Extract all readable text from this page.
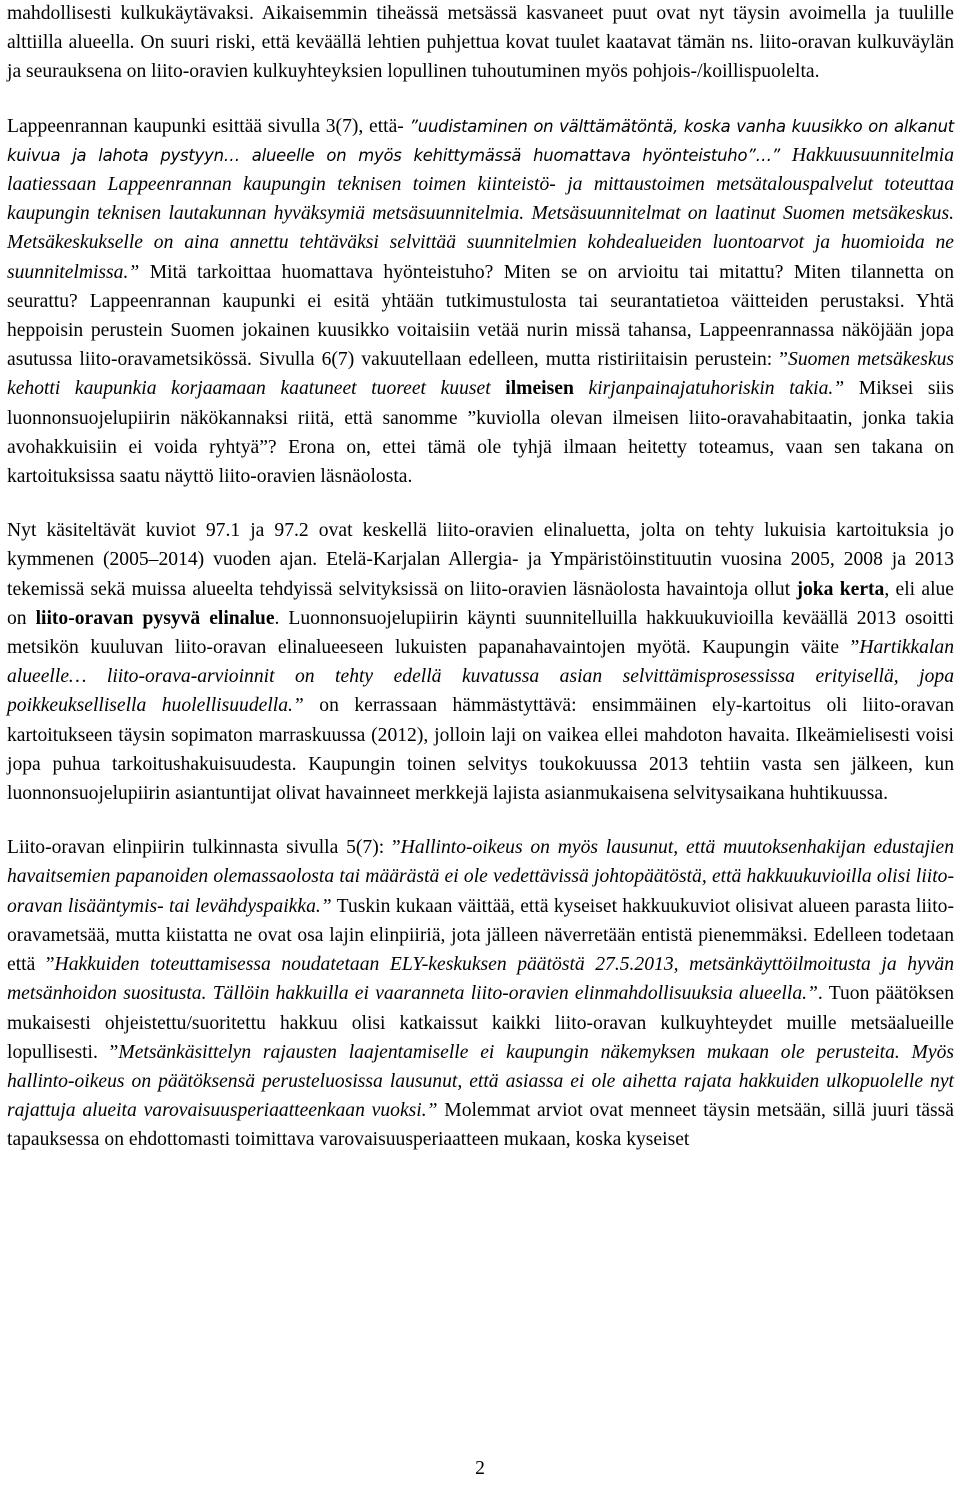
mahdollisesti kulkukäytävaksi. Aikaisemmin tiheässä metsässä kasvaneet puut ovat nyt täysin avoimella ja tuulille alttiilla alueella. On suuri riski, että keväällä lehtien puhjettua kovat tuulet kaatavat tämän ns. liito-oravan kulkuväylän ja seurauksena on liito-oravien kulkuyhteyksien lopullinen tuhoutuminen myös pohjois-/koillispuolelta.

Lappeenrannan kaupunki esittää sivulla 3(7), että- ”uudistaminen on välttämätöntä, koska vanha kuusikko on alkanut kuivua ja lahota pystyyn… alueelle on myös kehittymässä huomattava hyönteistuho”…” Hakkuusuunnitelmia laatiessaan Lappeenrannan kaupungin teknisen toimen kiinteistö- ja mittaustoimen metsätalouspalvelut toteuttaa kaupungin teknisen lautakunnan hyväksymiä metsäsuunnitelmia. Metsäsuunnitelmat on laatinut Suomen metsäkeskus. Metsäkeskukselle on aina annettu tehtäväksi selvittää suunnitelmien kohdealueiden luontoarvot ja huomioida ne suunnitelmissa.” Mitä tarkoittaa huomattava hyönteistuho? Miten se on arvioitu tai mitattu? Miten tilannetta on seurattu? Lappeenrannan kaupunki ei esitä yhtään tutkimustulosta tai seurantatietoa väitteiden perustaksi. Yhtä heppoisin perustein Suomen jokainen kuusikko voitaisiin vetää nurin missä tahansa, Lappeenrannassa näköjään jopa asutussa liito-oravametsikössä. Sivulla 6(7) vakuutellaan edelleen, mutta ristiriitaisin perustein: ”Suomen metsäkeskus kehotti kaupunkia korjaamaan kaatuneet tuoreet kuuset ilmeisen kirjanpainajatuhoriskin takia.” Miksei siis luonnonsuojelupiirin näkökannaksi riitä, että sanomme ”kuviolla olevan ilmeisen liito-oravahabitaatin, jonka takia avohakkuisiin ei voida ryhtyä”? Erona on, ettei tämä ole tyhjä ilmaan heitetty toteamus, vaan sen takana on kartoituksissa saatu näyttö liito-oravien läsnäolosta.

Nyt käsiteltävät kuviot 97.1 ja 97.2 ovat keskellä liito-oravien elinaluetta, jolta on tehty lukuisia kartoituksia jo kymmenen (2005–2014) vuoden ajan. Etelä-Karjalan Allergia- ja Ympäristöinstituutin vuosina 2005, 2008 ja 2013 tekemissä sekä muissa alueelta tehdyissä selvityksissä on liito-oravien läsnäolosta havaintoja ollut joka kerta, eli alue on liito-oravan pysyvä elinalue. Luonnonsuojelupiirin käynti suunnitelluilla hakkuukuvioilla keväällä 2013 osoitti metsikön kuuluvan liito-oravan elinalueeseen lukuisten papanahavaintojen myötä. Kaupungin väite ”Hartikkalan alueelle… liito-orava-arvioinnit on tehty edellä kuvatussa asian selvittämisprosessissa erityisellä, jopa poikkeuksellisella huolellisuudella.” on kerrassaan hämmästyttävä: ensimmäinen ely-kartoitus oli liito-oravan kartoitukseen täysin sopimaton marraskuussa (2012), jolloin laji on vaikea ellei mahdoton havaita. Ilkeämielisesti voisi jopa puhua tarkoitushakuisuudesta. Kaupungin toinen selvitys toukokuussa 2013 tehtiin vasta sen jälkeen, kun luonnonsuojelupiirin asiantuntijat olivat havainneet merkkejä lajista asianmukaisena selvitysaikana huhtikuussa.

Liito-oravan elinpiirin tulkinnasta sivulla 5(7): ”Hallinto-oikeus on myös lausunut, että muutoksenhakijan edustajien havaitsemien papanoiden olemassaolosta tai määrästä ei ole vedettävissä johtopäätöstä, että hakkuukuvioilla olisi liito-oravan lisääntymis- tai levähdyspaikka.” Tuskin kukaan väittää, että kyseiset hakkuukuviot olisivat alueen parasta liito-oravametsää, mutta kiistatta ne ovat osa lajin elinpiiriä, jota jälleen näverretään entistä pienemmäksi. Edelleen todetaan että ”Hakkuiden toteuttamisessa noudatetaan ELY-keskuksen päätöstä 27.5.2013, metsänkäyttöilmoitusta ja hyvän metsänhoidon suositusta. Tällöin hakkuilla ei vaaranneta liito-oravien elinmahdollisuuksia alueella.”. Tuon päätöksen mukaisesti ohjeistettu/suoritettu hakkuu olisi katkaissut kaikki liito-oravan kulkuyhteydet muille metsäalueille lopullisesti. ”Metsänkäsittelyn rajausten laajentamiselle ei kaupungin näkemyksen mukaan ole perusteita. Myös hallinto-oikeus on päätöksensä perusteluosissa lausunut, että asiassa ei ole aihetta rajata hakkuiden ulkopuolelle nyt rajattuja alueita varovaisuusperiaatteenkaan vuoksi.” Molemmat arviot ovat menneet täysin metsään, sillä juuri tässä tapauksessa on ehdottomasti toimittava varovaisuusperiaatteen mukaan, koska kyseiset

2
